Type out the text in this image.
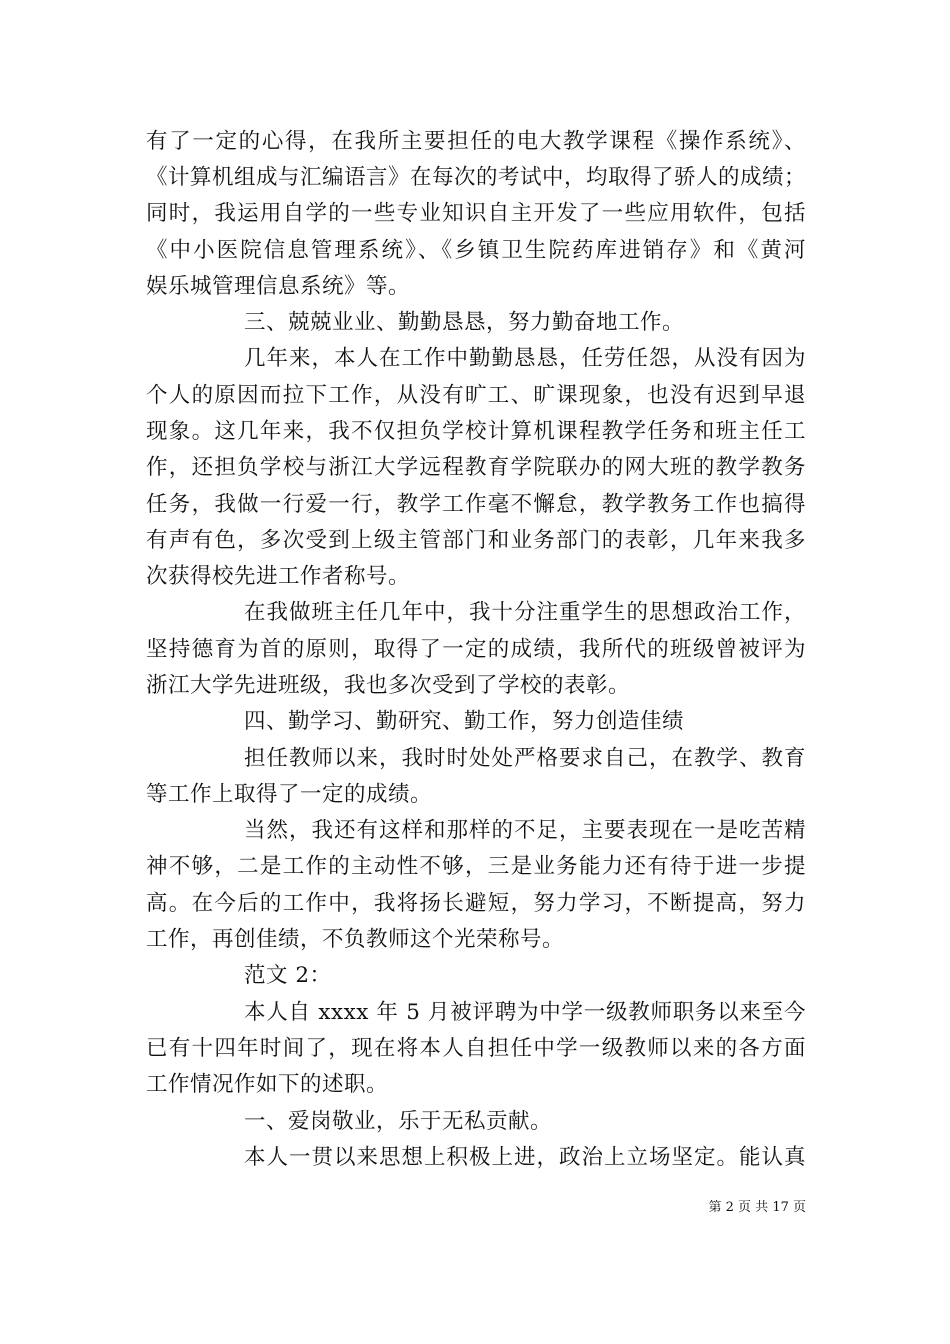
有了一定的心得，在我所主要担任的电大教学课程《操作系统》、
《计算机组成与汇编语言》在每次的考试中，均取得了骄人的成绩；
同时，我运用自学的一些专业知识自主开发了一些应用软件，包括
《中小医院信息管理系统》、《乡镇卫生院药库进销存》和《黄河
娱乐城管理信息系统》等。
三、兢兢业业、勤勤恳恳，努力勤奋地工作。
几年来，本人在工作中勤勤恳恳，任劳任怨，从没有因为
个人的原因而拉下工作，从没有旷工、旷课现象，也没有迟到早退
现象。这几年来，我不仅担负学校计算机课程教学任务和班主任工
作，还担负学校与浙江大学远程教育学院联办的网大班的教学教务
任务，我做一行爱一行，教学工作毫不懈怠，教学教务工作也搞得
有声有色，多次受到上级主管部门和业务部门的表彰，几年来我多
次获得校先进工作者称号。
在我做班主任几年中，我十分注重学生的思想政治工作，
坚持德育为首的原则，取得了一定的成绩，我所代的班级曾被评为
浙江大学先进班级，我也多次受到了学校的表彰。
四、勤学习、勤研究、勤工作，努力创造佳绩
担任教师以来，我时时处处严格要求自己，在教学、教育
等工作上取得了一定的成绩。
当然，我还有这样和那样的不足，主要表现在一是吃苦精
神不够，二是工作的主动性不够，三是业务能力还有待于进一步提
高。在今后的工作中，我将扬长避短，努力学习，不断提高，努力
工作，再创佳绩，不负教师这个光荣称号。
范文 2：
本人自 xxxx 年 5 月被评聘为中学一级教师职务以来至今
已有十四年时间了，现在将本人自担任中学一级教师以来的各方面
工作情况作如下的述职。
一、爱岗敬业，乐于无私贡献。
本人一贯以来思想上积极上进，政治上立场坚定。能认真
第 2 页 共 17 页
